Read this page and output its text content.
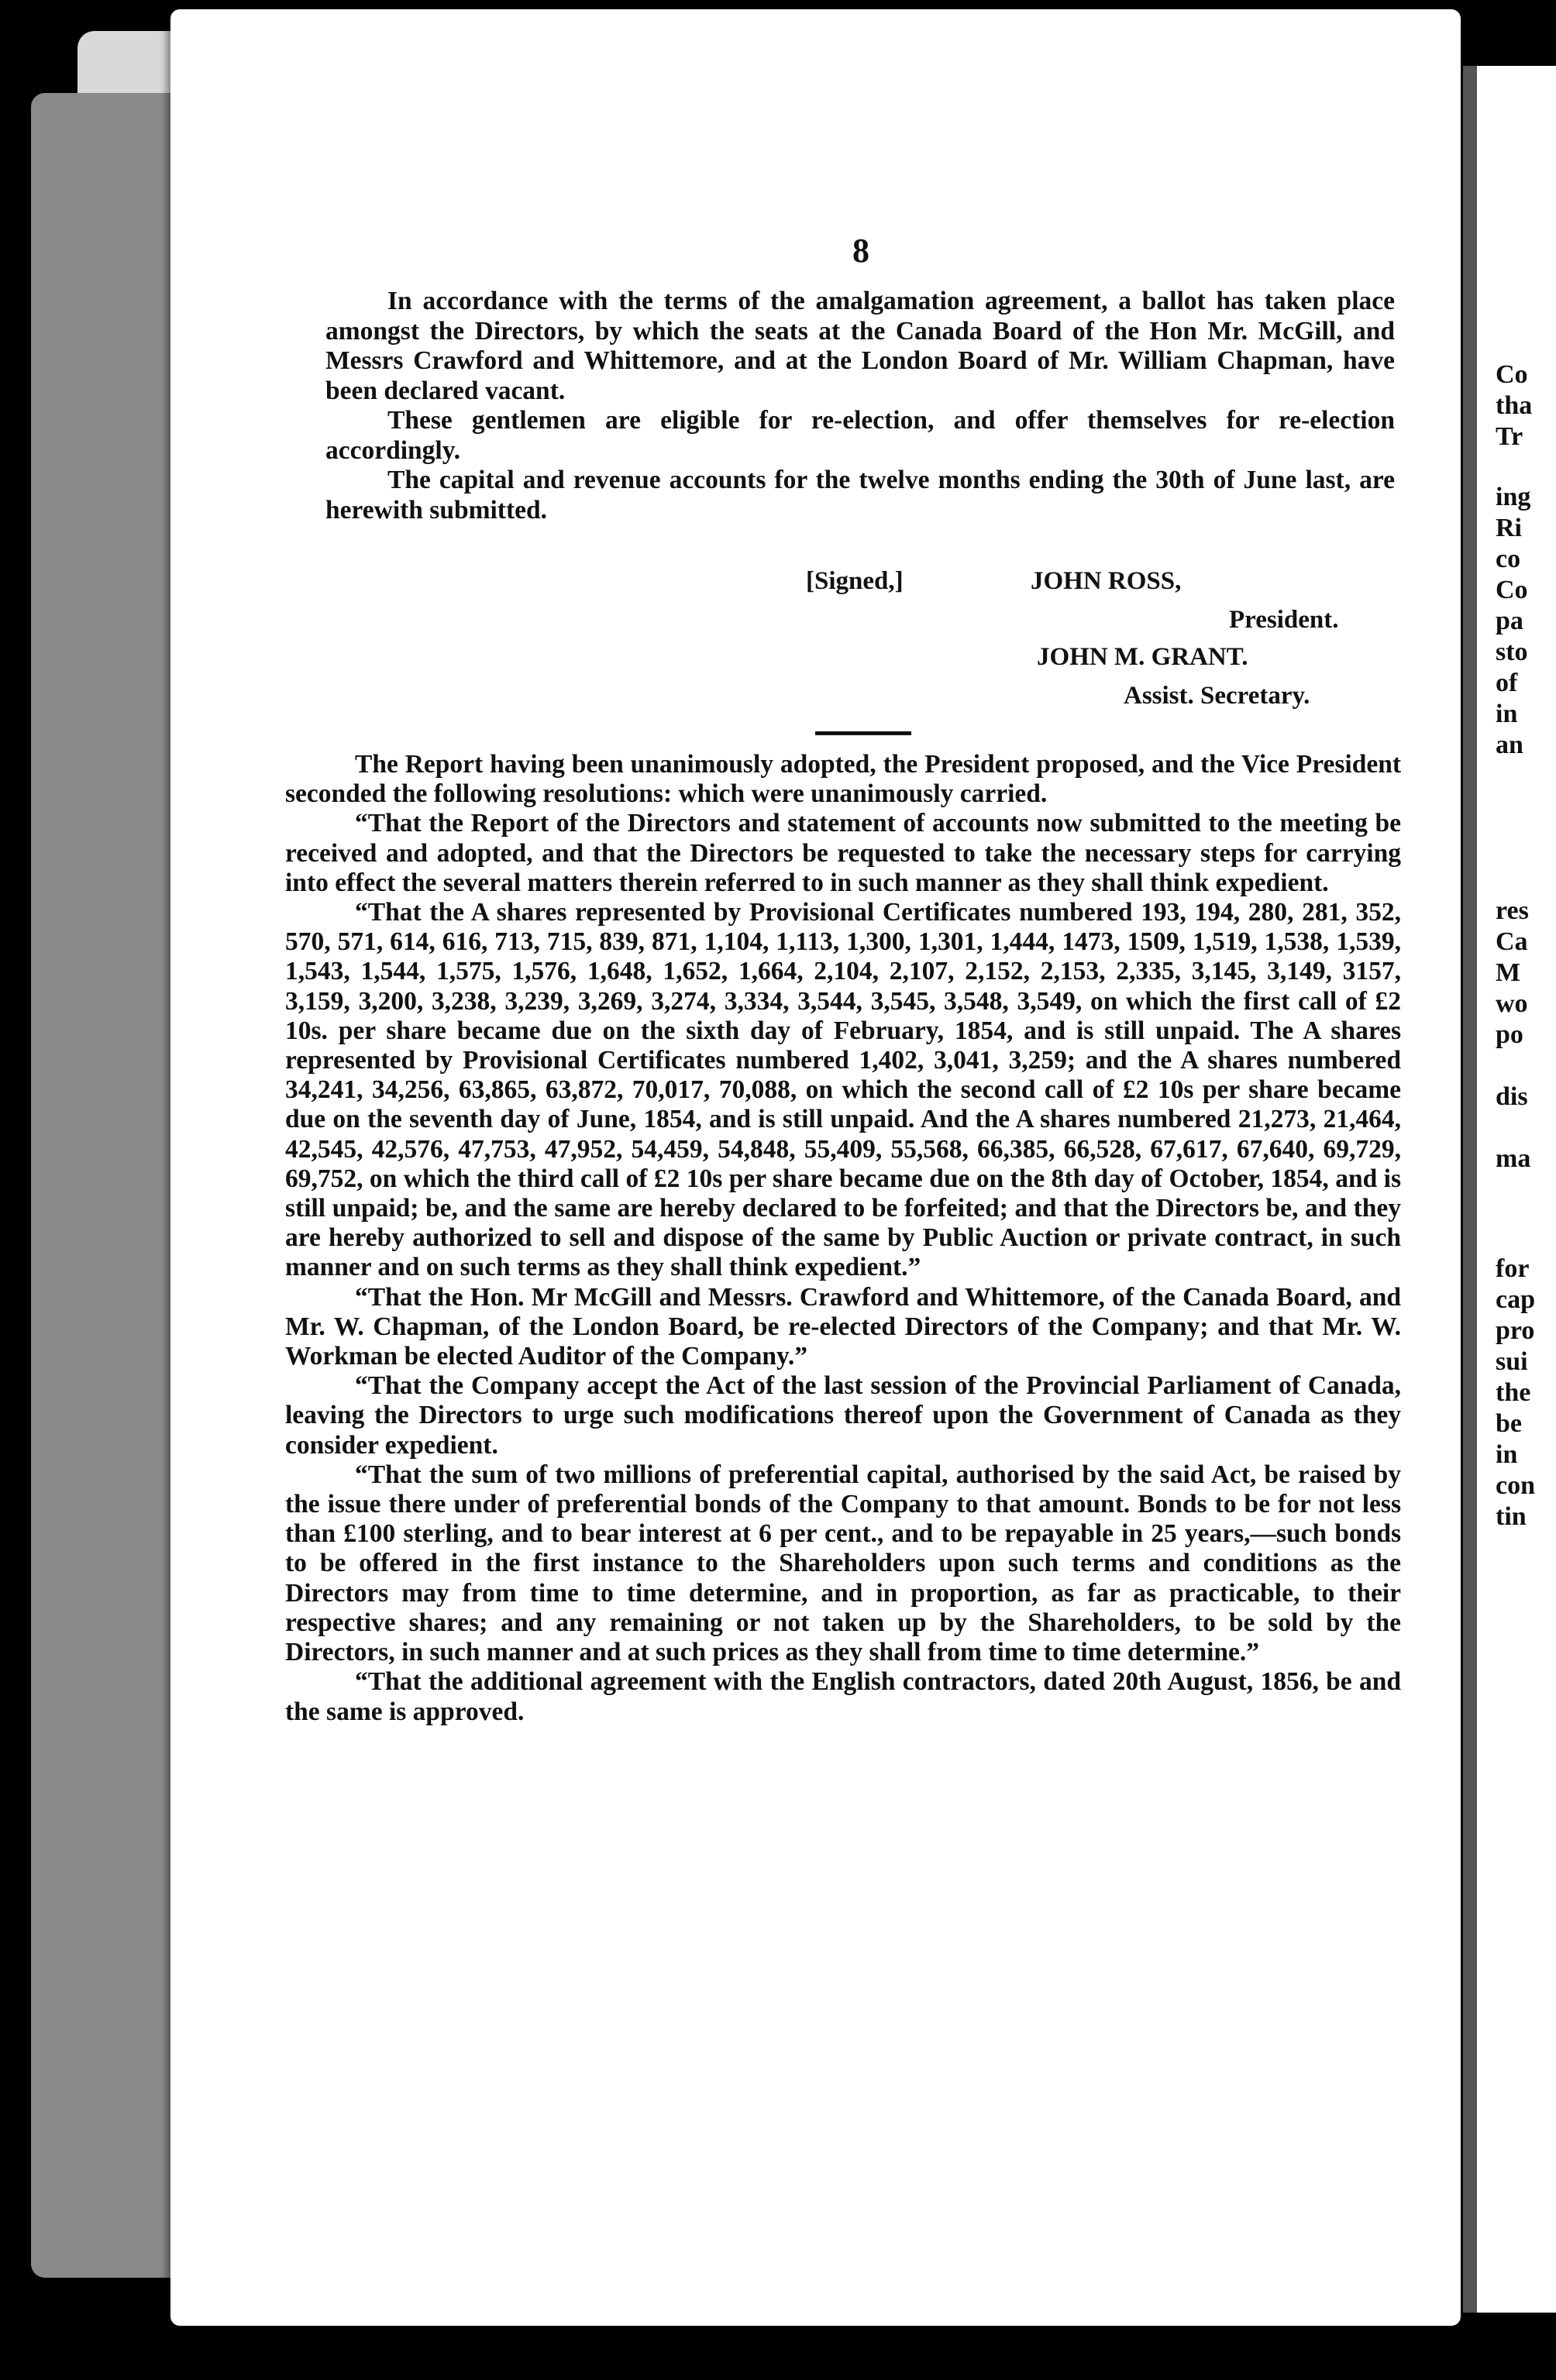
Co
tha
Tr
ing
Ri
co
Co
pa
sto
of
in
an
res
Ca
M
wo
po
dis
ma
for
cap
pro
sui
the
be
in
con
tin
8

In accordance with the terms of the amalgamation agreement, a ballot has taken place amongst the Directors, by which the seats at the Canada Board of the Hon Mr. McGill, and Messrs Crawford and Whittemore, and at the London Board of Mr. William Chapman, have been declared vacant.

These gentlemen are eligible for re-election, and offer themselves for re-election accordingly.

The capital and revenue accounts for the twelve months ending the 30th of June last, are herewith submitted.

[Signed,]	JOHN ROSS,
President.
JOHN M. GRANT.
Assist. Secretary.

The Report having been unanimously adopted, the President proposed, and the Vice President seconded the following resolutions: which were unanimously carried.

“That the Report of the Directors and statement of accounts now submitted to the meeting be received and adopted, and that the Directors be requested to take the necessary steps for carrying into effect the several matters therein referred to in such manner as they shall think expedient.

“That the A shares represented by Provisional Certificates numbered 193, 194, 280, 281, 352, 570, 571, 614, 616, 713, 715, 839, 871, 1,104, 1,113, 1,300, 1,301, 1,444, 1473, 1509, 1,519, 1,538, 1,539, 1,543, 1,544, 1,575, 1,576, 1,648, 1,652, 1,664, 2,104, 2,107, 2,152, 2,153, 2,335, 3,145, 3,149, 3157, 3,159, 3,200, 3,238, 3,239, 3,269, 3,274, 3,334, 3,544, 3,545, 3,548, 3,549, on which the first call of £2 10s. per share became due on the sixth day of February, 1854, and is still unpaid. The A shares represented by Provisional Certificates numbered 1,402, 3,041, 3,259; and the A shares numbered 34,241, 34,256, 63,865, 63,872, 70,017, 70,088, on which the second call of £2 10s per share became due on the seventh day of June, 1854, and is still unpaid. And the A shares numbered 21,273, 21,464, 42,545, 42,576, 47,753, 47,952, 54,459, 54,848, 55,409, 55,568, 66,385, 66,528, 67,617, 67,640, 69,729, 69,752, on which the third call of £2 10s per share became due on the 8th day of October, 1854, and is still unpaid; be, and the same are hereby declared to be forfeited; and that the Directors be, and they are hereby authorized to sell and dispose of the same by Public Auction or private contract, in such manner and on such terms as they shall think expedient.”

“That the Hon. Mr McGill and Messrs. Crawford and Whittemore, of the Canada Board, and Mr. W. Chapman, of the London Board, be re-elected Directors of the Company; and that Mr. W. Workman be elected Auditor of the Company.”

“That the Company accept the Act of the last session of the Provincial Parliament of Canada, leaving the Directors to urge such modifications thereof upon the Government of Canada as they consider expedient.

“That the sum of two millions of preferential capital, authorised by the said Act, be raised by the issue there under of preferential bonds of the Company to that amount. Bonds to be for not less than £100 sterling, and to bear interest at 6 per cent., and to be repayable in 25 years,—such bonds to be offered in the first instance to the Shareholders upon such terms and conditions as the Directors may from time to time determine, and in proportion, as far as practicable, to their respective shares; and any remaining or not taken up by the Shareholders, to be sold by the Directors, in such manner and at such prices as they shall from time to time determine.”

“That the additional agreement with the English contractors, dated 20th August, 1856, be and the same is approved.
